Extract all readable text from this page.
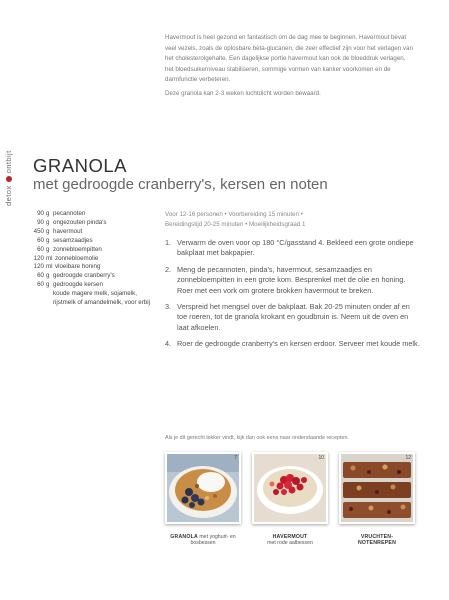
Havermout is heel gezond en fantastisch om de dag mee te beginnen. Havermout bevat veel vezels, zoals de oplosbare bèta-glucanen, die zeer effectief zijn voor het verlagen van het cholesterolgehalte. Een dagelijkse portie havermout kan ook de bloeddruk verlagen, het bloedsuikerniveau stabiliseren, sommige vormen van kanker voorkomen en de darmfunctie verbeteren.

Deze granola kan 2-3 weken luchtdicht worden bewaard.

detox
ontbijt GRANOLA
met gedroogde cranberry's, kersen en noten
90 g pecannoten
90 g ongezouten pinda's
450 g havermout
60 g sesamzaadjes
60 g zonnebloempitten
120 ml zonnebloemolie
120 ml vloeibare honing
60 g gedroogde cranberry's
60 g gedroogde kersen
koude magere melk, sojamelk, rijstmelk of amandelmelk, voor erbij
Voor 12-16 personen • Voorbereiding 15 minuten •
Bereidingstijd 20-25 minuten • Moeilijkheidsgraad 1
1. Verwarm de oven voor op 180 °C/gasstand 4. Bekleed een grote ondiepe bakplaat met bakpapier.
2. Meng de pecannoten, pinda's, havermout, sesamzaadjes en zonnebloempitten in een grote kom. Besprenkel met de olie en honing. Roer met een vork om grotere brokken havermout te breken.
3. Verspreid het mengsel over de bakplaat. Bak 20-25 minuten onder af en toe roeren, tot de granola krokant en goudbruin is. Neem uit de oven en laat afkoelen.
4. Roer de gedroogde cranberry's en kersen erdoor. Serveer met koude melk.
Als je dit gerecht lekker vindt, kijk dan ook eens naar onderstaande recepten.
7	10	12
GRANOLA met yoghurt- en bosbessen
HAVERMOUT
met rode aalbessen
VRUCHTEN-
NOTENREPEN
